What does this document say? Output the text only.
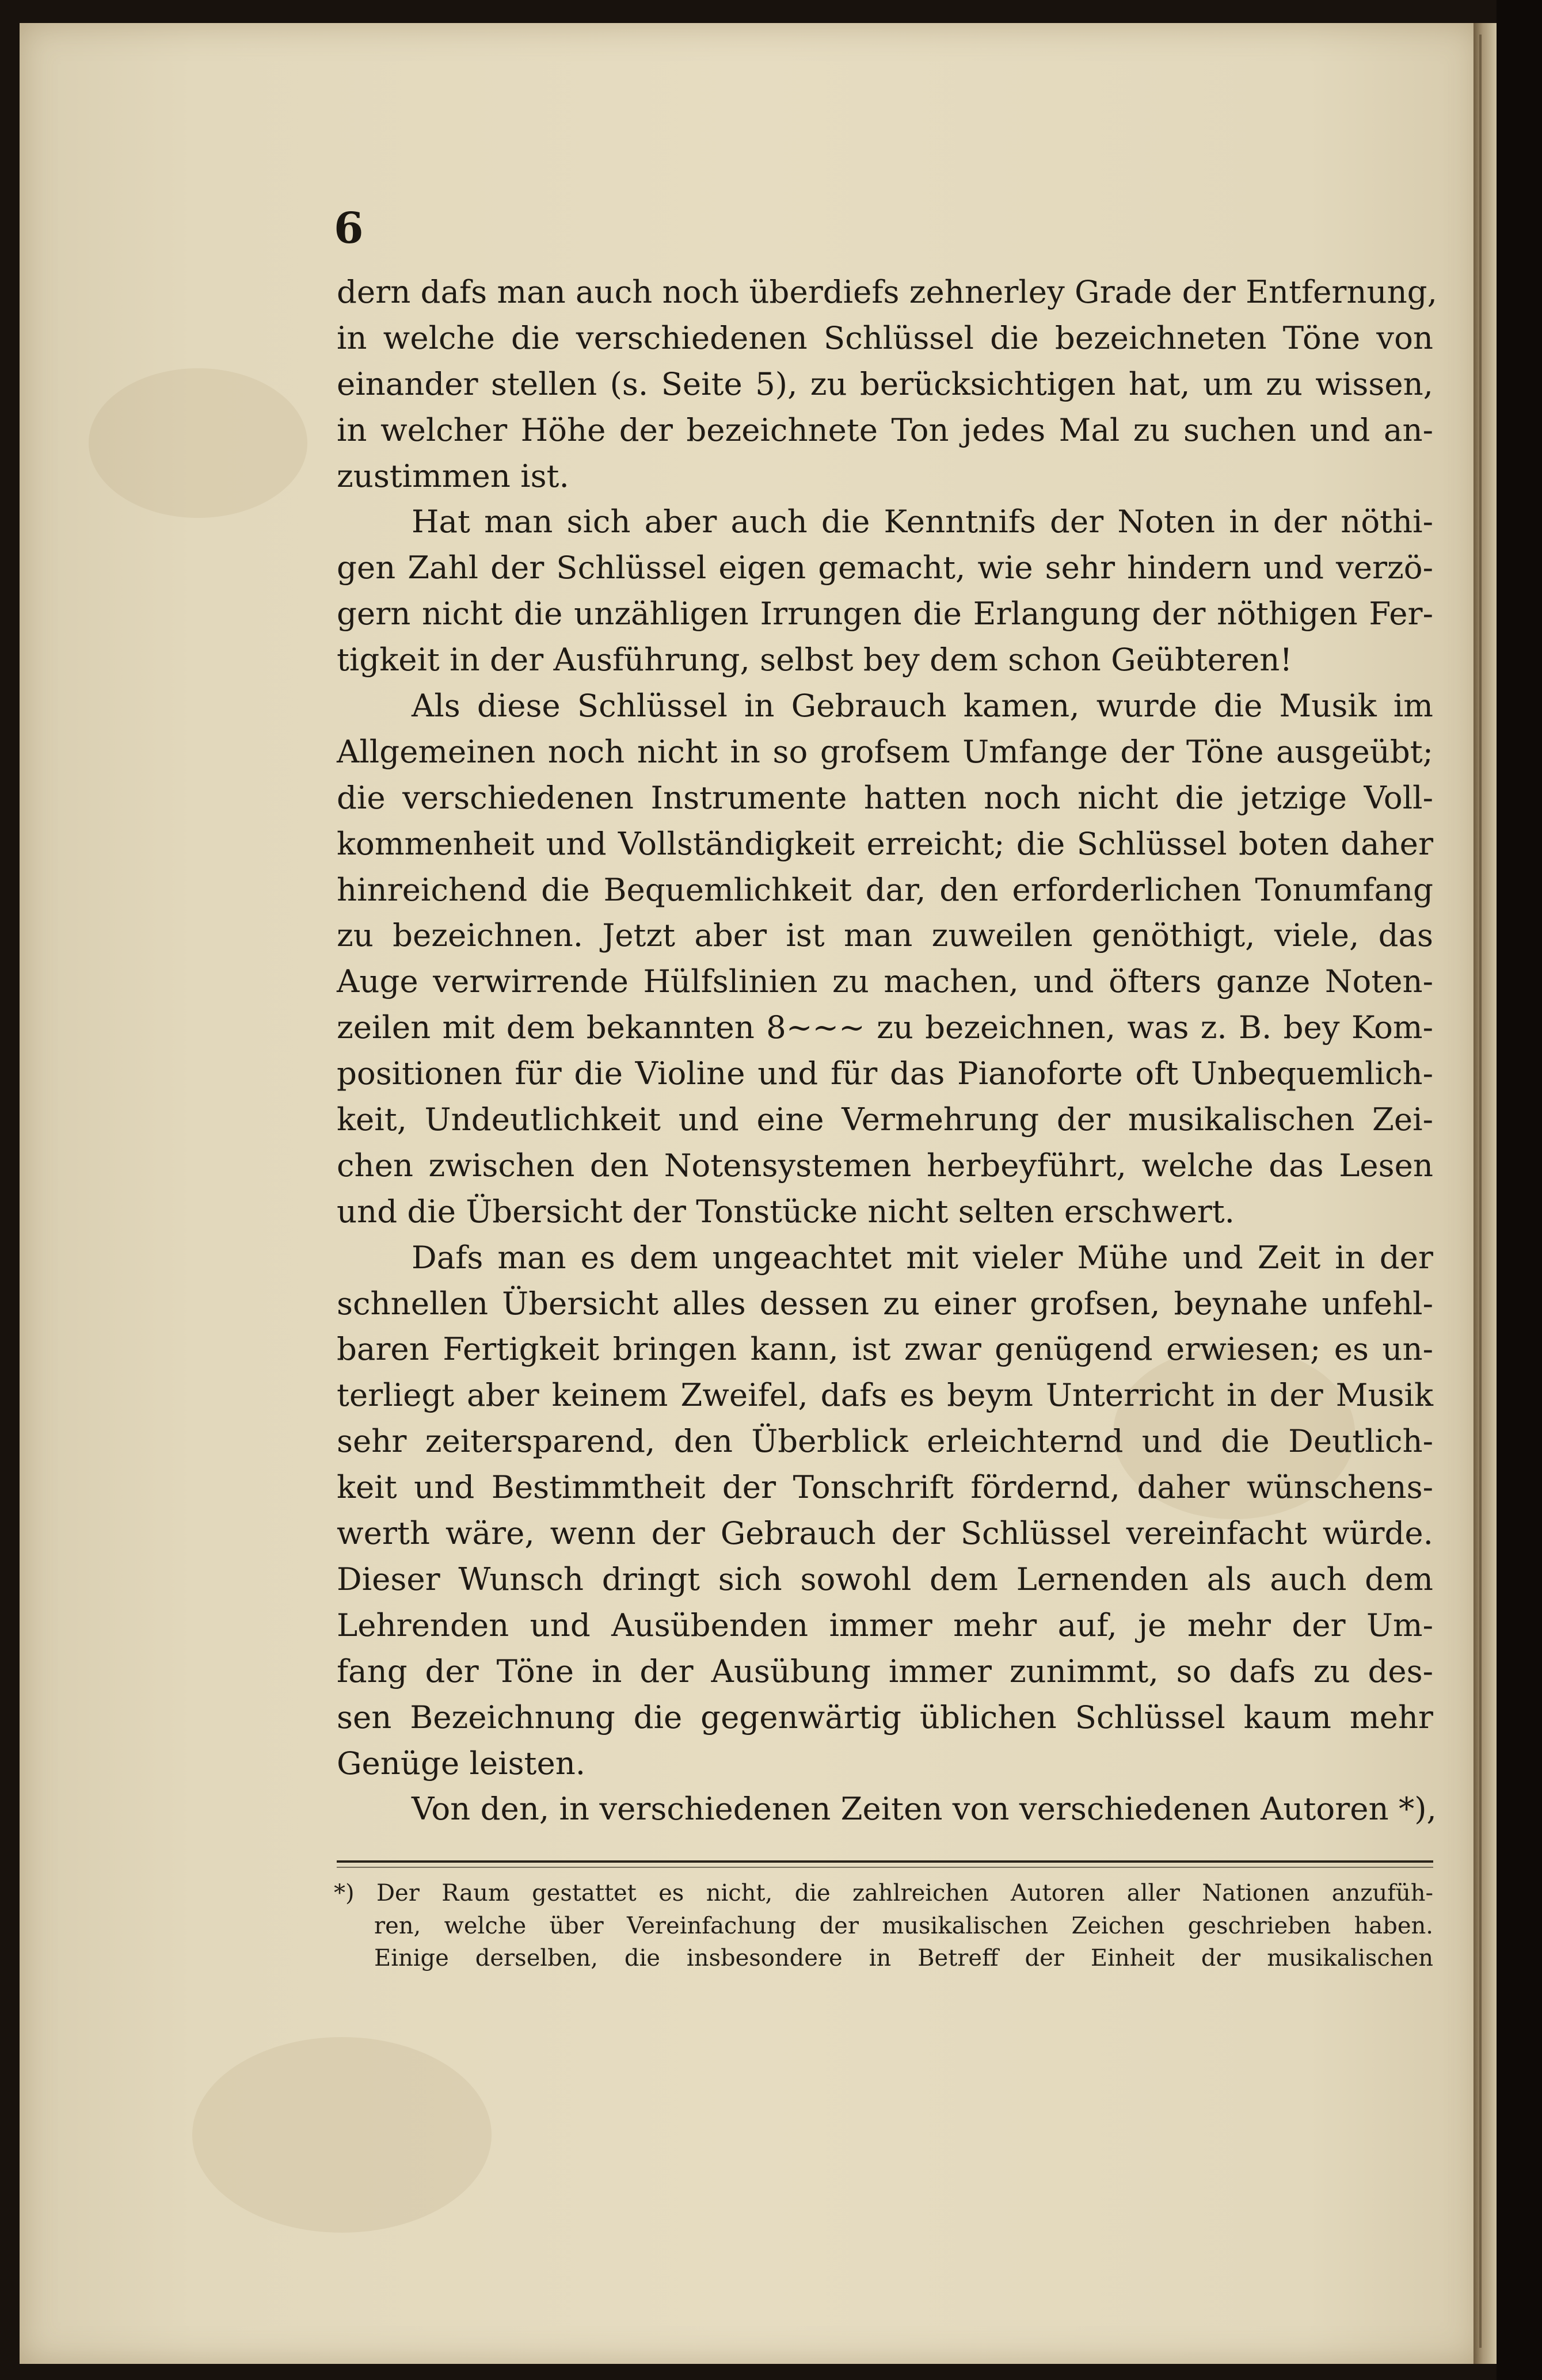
6
dern dafs man auch noch überdiefs zehnerley Grade der Entfernung,
in welche die verschiedenen Schlüssel die bezeichneten Töne von
einander stellen (s. Seite 5), zu berücksichtigen hat, um zu wissen,
in welcher Höhe der bezeichnete Ton jedes Mal zu suchen und an-
zustimmen ist.
Hat man sich aber auch die Kenntnifs der Noten in der nöthi-
gen Zahl der Schlüssel eigen gemacht, wie sehr hindern und verzö-
gern nicht die unzähligen Irrungen die Erlangung der nöthigen Fer-
tigkeit in der Ausführung, selbst bey dem schon Geübteren!
Als diese Schlüssel in Gebrauch kamen, wurde die Musik im
Allgemeinen noch nicht in so grofsem Umfange der Töne ausgeübt;
die verschiedenen Instrumente hatten noch nicht die jetzige Voll-
kommenheit und Vollständigkeit erreicht; die Schlüssel boten daher
hinreichend die Bequemlichkeit dar, den erforderlichen Tonumfang
zu bezeichnen. Jetzt aber ist man zuweilen genöthigt, viele, das
Auge verwirrende Hülfslinien zu machen, und öfters ganze Noten-
zeilen mit dem bekannten 8~~~ zu bezeichnen, was z. B. bey Kom-
positionen für die Violine und für das Pianoforte oft Unbequemlich-
keit, Undeutlichkeit und eine Vermehrung der musikalischen Zei-
chen zwischen den Notensystemen herbeyführt, welche das Lesen
und die Übersicht der Tonstücke nicht selten erschwert.
Dafs man es dem ungeachtet mit vieler Mühe und Zeit in der
schnellen Übersicht alles dessen zu einer grofsen, beynahe unfehl-
baren Fertigkeit bringen kann, ist zwar genügend erwiesen; es un-
terliegt aber keinem Zweifel, dafs es beym Unterricht in der Musik
sehr zeitersparend, den Überblick erleichternd und die Deutlich-
keit und Bestimmtheit der Tonschrift fördernd, daher wünschens-
werth wäre, wenn der Gebrauch der Schlüssel vereinfacht würde.
Dieser Wunsch dringt sich sowohl dem Lernenden als auch dem
Lehrenden und Ausübenden immer mehr auf, je mehr der Um-
fang der Töne in der Ausübung immer zunimmt, so dafs zu des-
sen Bezeichnung die gegenwärtig üblichen Schlüssel kaum mehr
Genüge leisten.
Von den, in verschiedenen Zeiten von verschiedenen Autoren *),
*) Der Raum gestattet es nicht, die zahlreichen Autoren aller Nationen anzufüh-
ren, welche über Vereinfachung der musikalischen Zeichen geschrieben haben.
Einige derselben, die insbesondere in Betreff der Einheit der musikalischen
